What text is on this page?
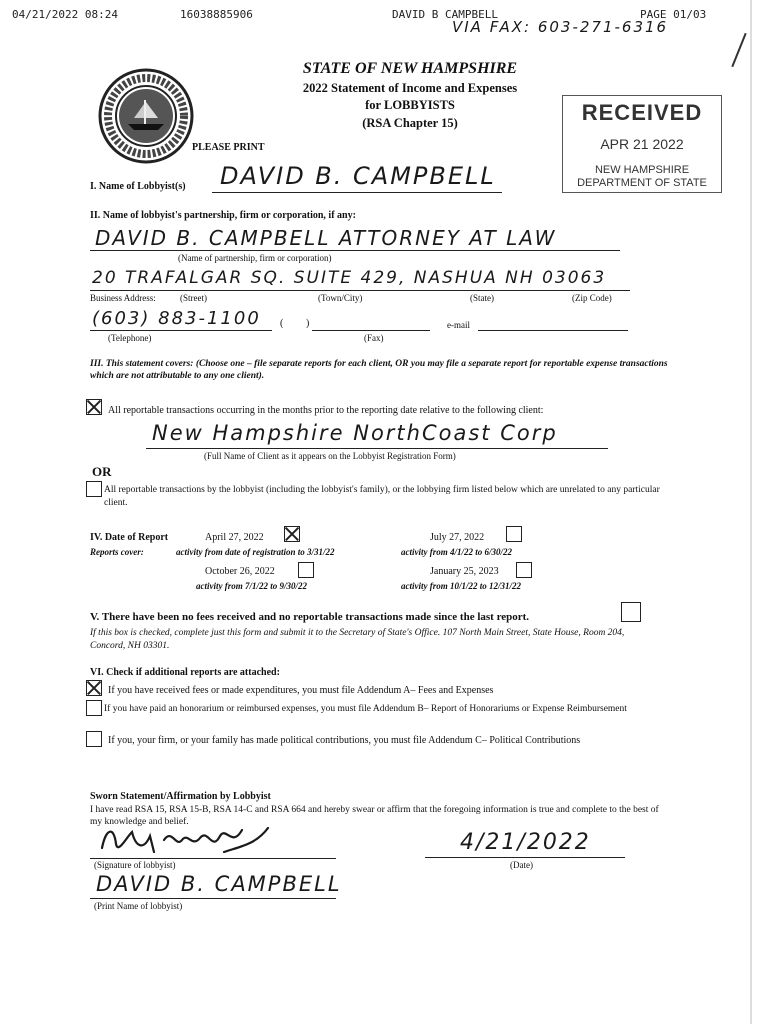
04/21/2022 08:24	16038885906	DAVID B CAMPBELL	PAGE 01/03
VIA FAX: 603-271-6316
STATE OF NEW HAMPSHIRE
2022 Statement of Income and Expenses
for LOBBYISTS
(RSA Chapter 15)
PLEASE PRINT
RECEIVED
APR 21 2022
NEW HAMPSHIRE
DEPARTMENT OF STATE
I. Name of Lobbyist(s) DAVID B. CAMPBELL
II. Name of lobbyist's partnership, firm or corporation, if any:
DAVID B. CAMPBELL ATTORNEY AT LAW
(Name of partnership, firm or corporation)
20 TRAFALGAR SQ. SUITE 429, NASHUA NH 03063
Business Address:	(Street)	(Town/City)	(State)	(Zip Code)
(603) 883-1100 ( )
(Telephone)	(Fax)
e-mail
III. This statement covers: (Choose one – file separate reports for each client, OR you may file a separate report for reportable expense transactions which are not attributable to any one client).
All reportable transactions occurring in the months prior to the reporting date relative to the following client:
New Hampshire NorthCoast Corp
(Full Name of Client as it appears on the Lobbyist Registration Form)
OR
All reportable transactions by the lobbyist (including the lobbyist's family), or the lobbying firm listed below which are unrelated to any particular client.
IV. Date of Report
Reports cover:
April 27, 2022
activity from date of registration to 3/31/22
July 27, 2022
activity from 4/1/22 to 6/30/22
October 26, 2022
activity from 7/1/22 to 9/30/22
January 25, 2023
activity from 10/1/22 to 12/31/22
V. There have been no fees received and no reportable transactions made since the last report.
If this box is checked, complete just this form and submit it to the Secretary of State's Office. 107 North Main Street, State House, Room 204, Concord, NH 03301.
VI. Check if additional reports are attached:
If you have received fees or made expenditures, you must file Addendum A– Fees and Expenses
If you have paid an honorarium or reimbursed expenses, you must file Addendum B– Report of Honorariums or Expense Reimbursement
If you, your firm, or your family has made political contributions, you must file Addendum C– Political Contributions
Sworn Statement/Affirmation by Lobbyist
I have read RSA 15, RSA 15-B, RSA 14-C and RSA 664 and hereby swear or affirm that the foregoing information is true and complete to the best of my knowledge and belief.
(Signature of lobbyist)
4/21/2022
(Date)
DAVID B. CAMPBELL
(Print Name of lobbyist)
